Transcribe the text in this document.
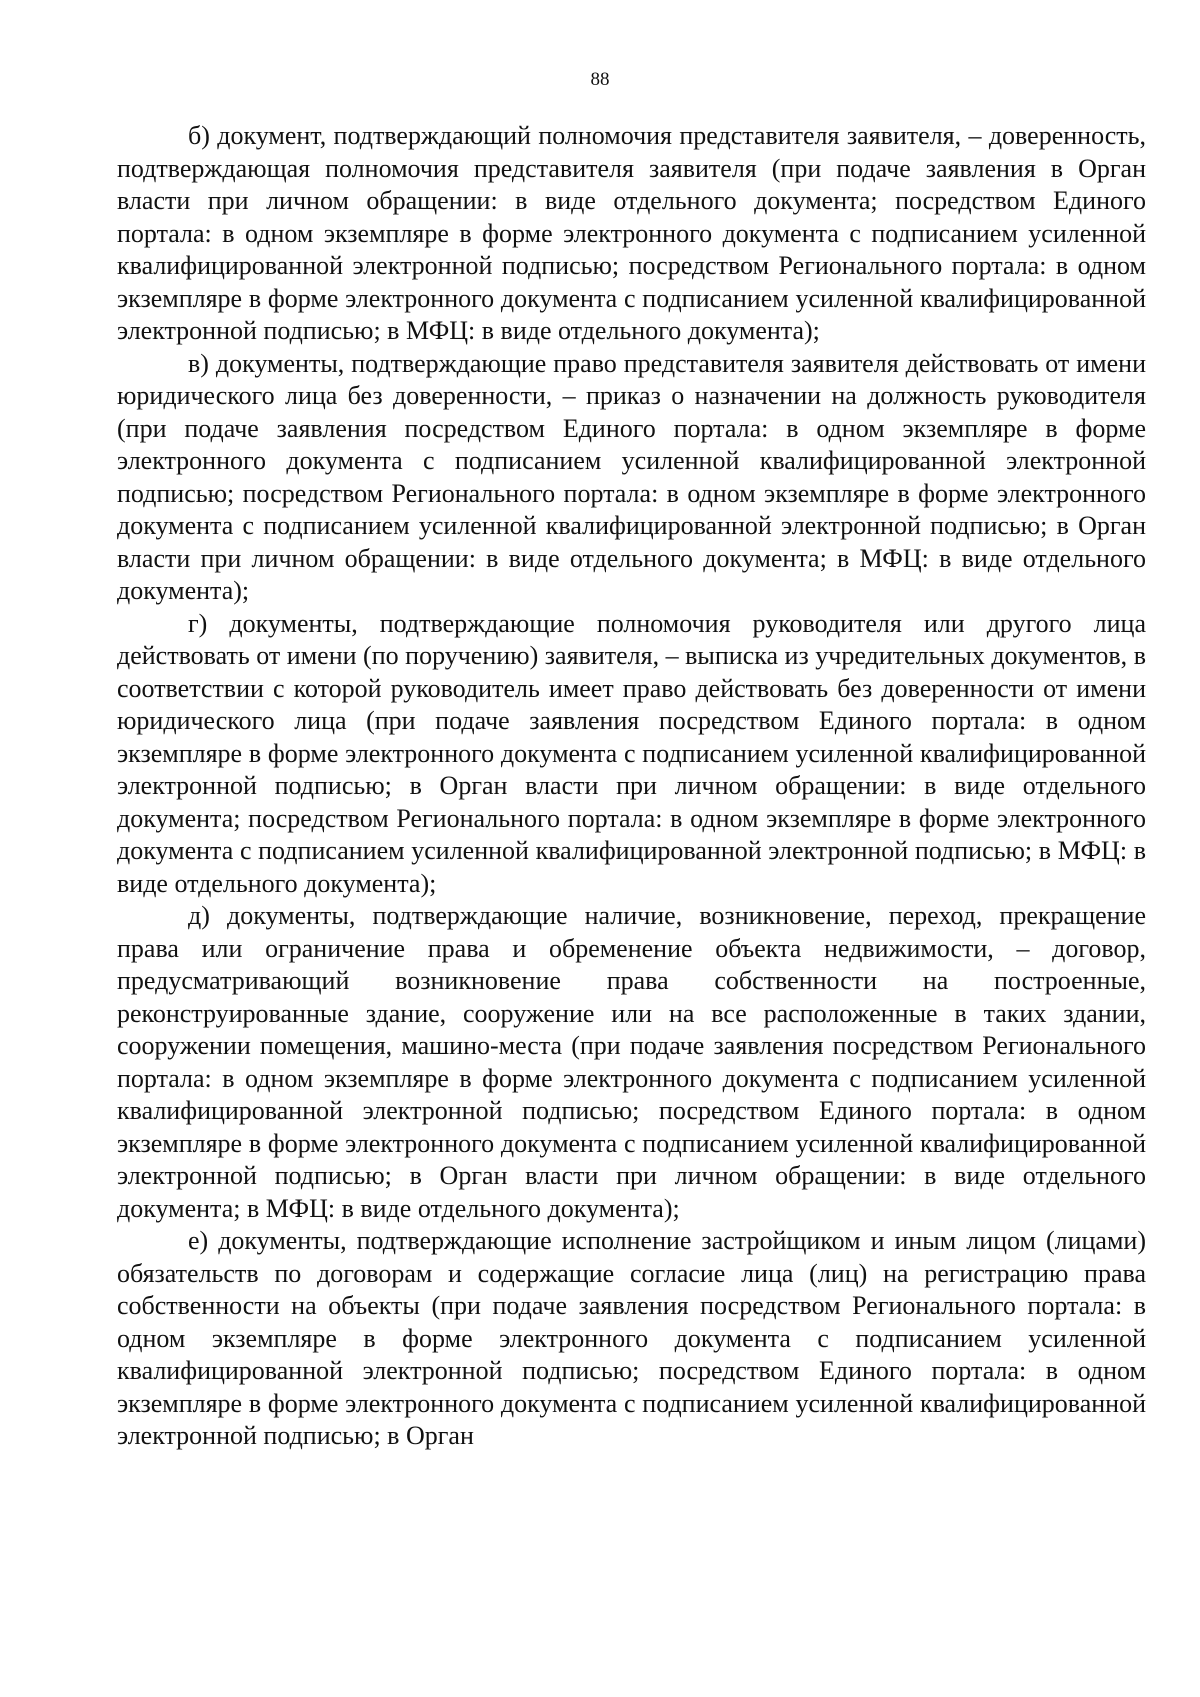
88

б) документ, подтверждающий полномочия представителя заявителя, – доверенность, подтверждающая полномочия представителя заявителя (при подаче заявления в Орган власти при личном обращении: в виде отдельного документа; посредством Единого портала: в одном экземпляре в форме электронного документа с подписанием усиленной квалифицированной электронной подписью; посредством Регионального портала: в одном экземпляре в форме электронного документа с подписанием усиленной квалифицированной электронной подписью; в МФЦ: в виде отдельного документа);

в) документы, подтверждающие право представителя заявителя действовать от имени юридического лица без доверенности, – приказ о назначении на должность руководителя (при подаче заявления посредством Единого портала: в одном экземпляре в форме электронного документа с подписанием усиленной квалифицированной электронной подписью; посредством Регионального портала: в одном экземпляре в форме электронного документа с подписанием усиленной квалифицированной электронной подписью; в Орган власти при личном обращении: в виде отдельного документа; в МФЦ: в виде отдельного документа);

г) документы, подтверждающие полномочия руководителя или другого лица действовать от имени (по поручению) заявителя, – выписка из учредительных документов, в соответствии с которой руководитель имеет право действовать без доверенности от имени юридического лица (при подаче заявления посредством Единого портала: в одном экземпляре в форме электронного документа с подписанием усиленной квалифицированной электронной подписью; в Орган власти при личном обращении: в виде отдельного документа; посредством Регионального портала: в одном экземпляре в форме электронного документа с подписанием усиленной квалифицированной электронной подписью; в МФЦ: в виде отдельного документа);

д) документы, подтверждающие наличие, возникновение, переход, прекращение права или ограничение права и обременение объекта недвижимости, – договор, предусматривающий возникновение права собственности на построенные, реконструированные здание, сооружение или на все расположенные в таких здании, сооружении помещения, машино-места (при подаче заявления посредством Регионального портала: в одном экземпляре в форме электронного документа с подписанием усиленной квалифицированной электронной подписью; посредством Единого портала: в одном экземпляре в форме электронного документа с подписанием усиленной квалифицированной электронной подписью; в Орган власти при личном обращении: в виде отдельного документа; в МФЦ: в виде отдельного документа);

е) документы, подтверждающие исполнение застройщиком и иным лицом (лицами) обязательств по договорам и содержащие согласие лица (лиц) на регистрацию права собственности на объекты (при подаче заявления посредством Регионального портала: в одном экземпляре в форме электронного документа с подписанием усиленной квалифицированной электронной подписью; посредством Единого портала: в одном экземпляре в форме электронного документа с подписанием усиленной квалифицированной электронной подписью; в Орган
